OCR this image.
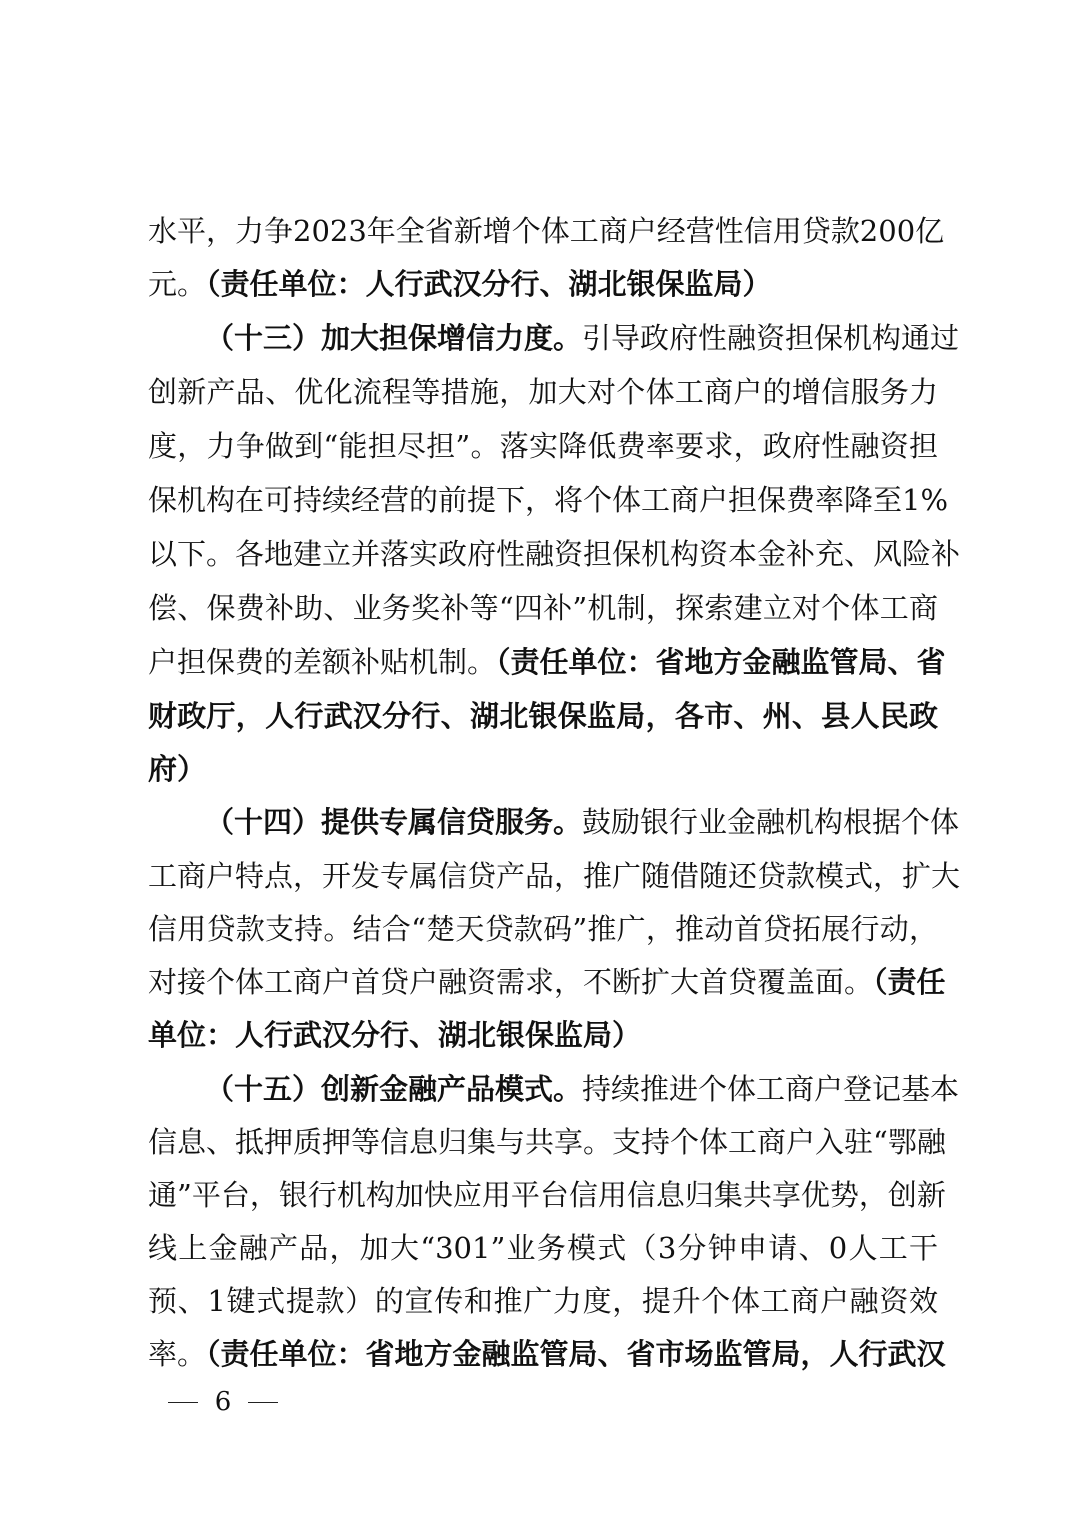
水平，力争2023年全省新增个体工商户经营性信用贷款200亿
元。（责任单位：人行武汉分行、湖北银保监局）
（十三）加大担保增信力度。引导政府性融资担保机构通过
创新产品、优化流程等措施，加大对个体工商户的增信服务力
度，力争做到“能担尽担”。落实降低费率要求，政府性融资担
保机构在可持续经营的前提下，将个体工商户担保费率降至1%
以下。各地建立并落实政府性融资担保机构资本金补充、风险补
偿、保费补助、业务奖补等“四补”机制，探索建立对个体工商
户担保费的差额补贴机制。（责任单位：省地方金融监管局、省
财政厅，人行武汉分行、湖北银保监局，各市、州、县人民政
府）
（十四）提供专属信贷服务。鼓励银行业金融机构根据个体
工商户特点，开发专属信贷产品，推广随借随还贷款模式，扩大
信用贷款支持。结合“楚天贷款码”推广，推动首贷拓展行动，
对接个体工商户首贷户融资需求，不断扩大首贷覆盖面。（责任
单位：人行武汉分行、湖北银保监局）
（十五）创新金融产品模式。持续推进个体工商户登记基本
信息、抵押质押等信息归集与共享。支持个体工商户入驻“鄂融
通”平台，银行机构加快应用平台信用信息归集共享优势，创新
线上金融产品，加大“301”业务模式（3分钟申请、0人工干
预、1键式提款）的宣传和推广力度，提升个体工商户融资效
率。（责任单位：省地方金融监管局、省市场监管局，人行武汉
6
